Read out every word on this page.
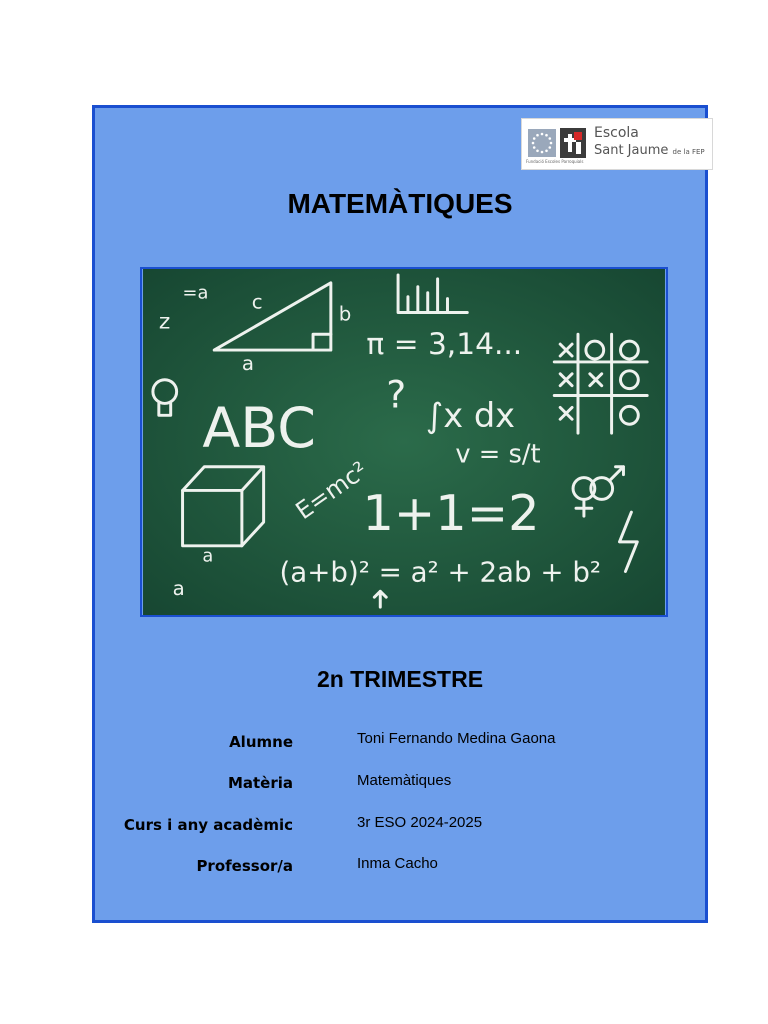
Fundació Escoles Parroquials
Escola
Sant Jaume de la FEP
MATEMÀTIQUES
a
c
b
π = 3,14...
ABC	∫x dx
?
v = s/t
E=mc²
1+1=2
(a+b)² = a² + 2ab + b²
a
a
z
=a
2n TRIMESTRE
Alumne	Toni Fernando Medina Gaona
Matèria	Matemàtiques
Curs i any acadèmic	3r ESO 2024-2025
Professor/a	Inma Cacho
